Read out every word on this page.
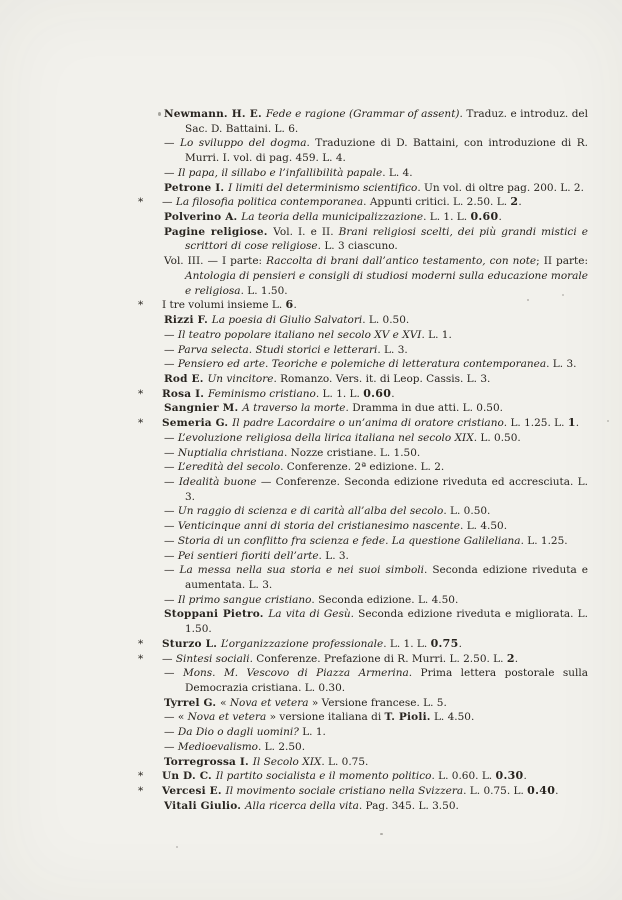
Newmann. H. E. Fede e ragione (Grammar of assent). Traduz. e introduz. del Sac. D. Battaini. L. 6.

— Lo sviluppo del dogma. Traduzione di D. Battaini, con introduzione di R. Murri. I. vol. di pag. 459. L. 4.

— Il papa, il sillabo e l’infallibilità papale. L. 4.

Petrone I. I limiti del determinismo scientifico. Un vol. di oltre pag. 200. L. 2.

* — La filosofia politica contemporanea. Appunti critici. L. 2.50. L. 2.

Polverino A. La teoria della municipalizzazione. L. 1. L. 0.60.

Pagine religiose. Vol. I. e II. Brani religiosi scelti, dei più grandi mistici e scrittori di cose religiose. L. 3 ciascuno.

Vol. III. — I parte: Raccolta di brani dall’antico testamento, con note; II parte: Antologia di pensieri e consigli di studiosi moderni sulla educazione morale e religiosa. L. 1.50.

* I tre volumi insieme L. 6.

Rizzi F. La poesia di Giulio Salvatori. L. 0.50.

— Il teatro popolare italiano nel secolo XV e XVI. L. 1.

— Parva selecta. Studi storici e letterari. L. 3.

— Pensiero ed arte. Teoriche e polemiche di letteratura contemporanea. L. 3.

Rod E. Un vincitore. Romanzo. Vers. it. di Leop. Cassis. L. 3.

* Rosa I. Feminismo cristiano. L. 1. L. 0.60.

Sangnier M. A traverso la morte. Dramma in due atti. L. 0.50.

* Semeria G. Il padre Lacordaire o un’anima di oratore cristiano. L. 1.25. L. 1.

— L’evoluzione religiosa della lirica italiana nel secolo XIX. L. 0.50.

— Nuptialia christiana. Nozze cristiane. L. 1.50.

— L’eredità del secolo. Conferenze. 2ª edizione. L. 2.

— Idealità buone — Conferenze. Seconda edizione riveduta ed accresciuta. L. 3.

— Un raggio di scienza e di carità all’alba del secolo. L. 0.50.

— Venticinque anni di storia del cristianesimo nascente. L. 4.50.

— Storia di un conflitto fra scienza e fede. La questione Galileliana. L. 1.25.

— Pei sentieri fioriti dell’arte. L. 3.

— La messa nella sua storia e nei suoi simboli. Seconda edizione riveduta e aumentata. L. 3.

— Il primo sangue cristiano. Seconda edizione. L. 4.50.

Stoppani Pietro. La vita di Gesù. Seconda edizione riveduta e migliorata. L. 1.50.

* Sturzo L. L’organizzazione professionale. L. 1. L. 0.75.

* — Sintesi sociali. Conferenze. Prefazione di R. Murri. L. 2.50. L. 2.

— Mons. M. Vescovo di Piazza Armerina. Prima lettera postorale sulla Democrazia cristiana. L. 0.30.

Tyrrel G. « Nova et vetera » Versione francese. L. 5.

— « Nova et vetera » versione italiana di T. Pioli. L. 4.50.

— Da Dio o dagli uomini? L. 1.

— Medioevalismo. L. 2.50.

Torregrossa I. Il Secolo XIX. L. 0.75.

* Un D. C. Il partito socialista e il momento politico. L. 0.60. L. 0.30.

* Vercesi E. Il movimento sociale cristiano nella Svizzera. L. 0.75. L. 0.40.

Vitali Giulio. Alla ricerca della vita. Pag. 345. L. 3.50.
